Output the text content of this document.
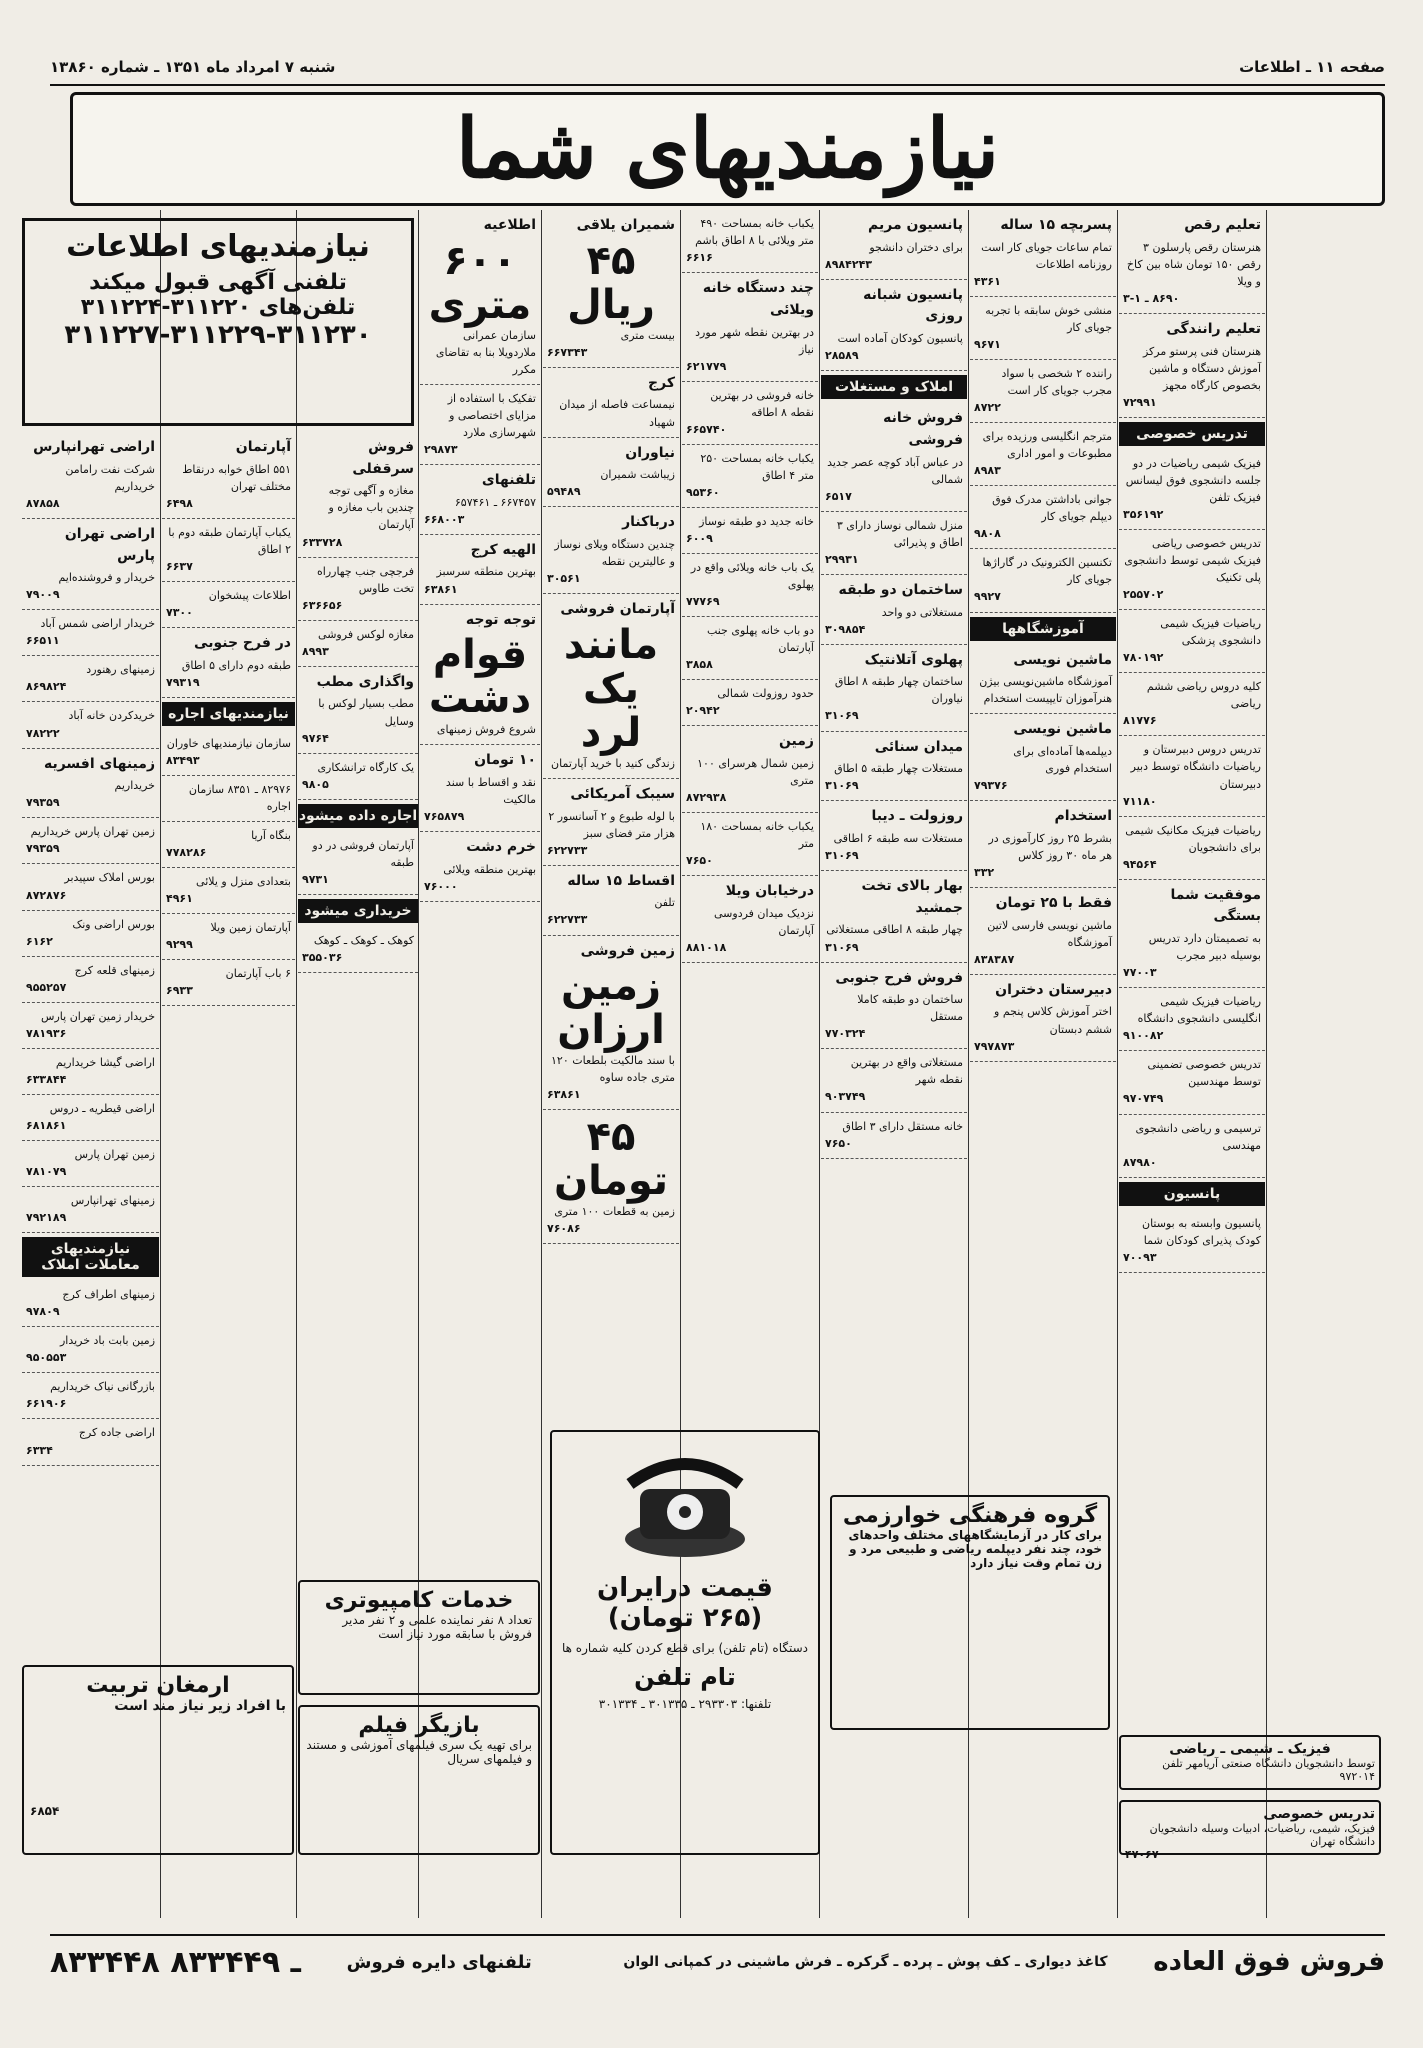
صفحه ۱۱ ـ اطلاعات
شنبه ۷ امرداد ماه ۱۳۵۱ ـ شماره ۱۳۸۶۰
نیازمندیهای شما
تعلیم رقص
هنرستان رقص پارسلون ۳ رقص ۱۵۰ تومان شاه بین کاخ و ویلا
۸۶۹۰ ـ ۱-۳
تعلیم رانندگی
هنرستان فنی پرستو مرکز آموزش دستگاه و ماشین بخصوص کارگاه مجهز
۷۲۹۹۱
تدریس خصوصی
فیزیک شیمی ریاضیات در دو جلسه دانشجوی فوق لیسانس فیزیک تلفن
۳۵۶۱۹۲
تدریس خصوصی ریاضی فیزیک شیمی توسط دانشجوی پلی تکنیک
۲۵۵۷۰۲
ریاضیات فیزیک شیمی دانشجوی پزشکی
۷۸۰۱۹۲
کلیه دروس ریاضی ششم ریاضی
۸۱۷۷۶
تدریس دروس دبیرستان و ریاضیات دانشگاه توسط دبیر دبیرستان
۷۱۱۸۰
ریاضیات فیزیک مکانیک شیمی برای دانشجویان
۹۴۵۶۴
موفقیت شما بستگی
به تصمیمتان دارد تدریس بوسیله دبیر مجرب
۷۷۰۰۳
ریاضیات فیزیک شیمی انگلیسی دانشجوی دانشگاه
۹۱۰۰۸۲
تدریس خصوصی تضمینی توسط مهندسین
۹۷۰۷۴۹
ترسیمی و ریاضی دانشجوی مهندسی
۸۷۹۸۰
پانسیون
پانسیون وابسته به بوستان کودک پذیرای کودکان شما
۷۰۰۹۳
پسربچه ۱۵ ساله
تمام ساعات جویای کار است روزنامه اطلاعات
۴۳۶۱
منشی خوش سابقه با تجربه جویای کار
۹۶۷۱
راننده ۲ شخصی با سواد مجرب جویای کار است
۸۷۲۲
مترجم انگلیسی ورزیده برای مطبوعات و امور اداری
۸۹۸۳
جوانی باداشتن مدرک فوق دیپلم جویای کار
۹۸۰۸
تکنسین الکترونیک در گاراژها جویای کار
۹۹۲۷
آموزشگاهها
ماشین نویسی
آموزشگاه ماشین‌نویسی بیژن هنرآموزان تایپیست استخدام
ماشین نویسی
دیپلمه‌ها آماده‌ای برای استخدام فوری
۷۹۳۷۶
استخدام
بشرط ۲۵ روز کارآموزی در هر ماه ۳۰ روز کلاس
۳۳۲
فقط با ۲۵ تومان
ماشین نویسی فارسی لاتین آموزشگاه
۸۳۸۳۸۷
دبیرستان دختران
اختر آموزش کلاس پنجم و ششم دبستان
۷۹۷۸۷۳
پانسیون مریم
برای دختران دانشجو
۸۹۸۴۲۴۳
پانسیون شبانه روزی
پانسیون کودکان آماده است
۲۸۵۸۹
املاک و مستغلات
فروش خانه فروشی
در عباس آباد کوچه عصر جدید شمالی
۶۵۱۷
منزل شمالی نوساز دارای ۳ اطاق و پذیرائی
۲۹۹۳۱
ساختمان دو طبقه
مستغلاتی دو واحد
۳۰۹۸۵۴
پهلوی آتلانتیک
ساختمان چهار طبقه ۸ اطاق نیاوران
۳۱۰۶۹
میدان سنائی
مستغلات چهار طبقه ۵ اطاق
۳۱۰۶۹
روزولت ـ دیبا
مستغلات سه طبقه ۶ اطاقی
۳۱۰۶۹
بهار بالای تخت جمشید
چهار طبقه ۸ اطاقی مستغلاتی
۳۱۰۶۹
فروش فرح جنوبی
ساختمان دو طبقه کاملا مستقل
۷۷۰۳۲۴
مستغلاتی واقع در بهترین نقطه شهر
۹۰۳۷۴۹
خانه مستقل دارای ۳ اطاق
۷۶۵۰
یکباب خانه بمساحت ۴۹۰ متر ویلائی با ۸ اطاق باشم
۶۶۱۶
چند دستگاه خانه ویلائی
در بهترین نقطه شهر مورد نیاز
۶۲۱۷۷۹
خانه فروشی در بهترین نقطه ۸ اطاقه
۶۶۵۷۴۰
یکباب خانه بمساحت ۲۵۰ متر ۴ اطاق
۹۵۳۶۰
خانه جدید دو طبقه نوساز
۶۰۰۹
یک باب خانه ویلائی واقع در پهلوی
۷۷۷۶۹
دو باب خانه پهلوی جنب آپارتمان
۳۸۵۸
حدود روزولت شمالی
۲۰۹۴۲
زمین
زمین شمال هرسرای ۱۰۰ متری
۸۷۲۹۳۸
یکباب خانه بمساحت ۱۸۰ متر
۷۶۵۰
درخیابان ویلا
نزدیک میدان فردوسی آپارتمان
۸۸۱۰۱۸
شمیران یلاقی
۴۵ ریال
بیست متری
۶۶۷۳۴۳
کرج
نیمساعت فاصله از میدان شهیاد
نیاوران
زیباشت شمیران
۵۹۴۸۹
درباکنار
چندین دستگاه ویلای نوساز و عالیترین نقطه
۳۰۵۶۱
آپارتمان فروشی
مانند یک لرد
زندگی کنید با خرید آپارتمان
سیبک آمریکائی
با لوله طبوع و ۲ آسانسور ۲ هزار متر فضای سبز
۶۲۲۷۳۳
اقساط ۱۵ ساله
تلفن
۶۲۲۷۳۳
زمین فروشی
زمین ارزان
با سند مالکیت بلطعات ۱۲۰ متری جاده ساوه
۶۳۸۶۱
۴۵ تومان
زمین به قطعات ۱۰۰ متری
۷۶۰۸۶
اطلاعیه
۶۰۰ متری
سازمان عمرانی ملاردویلا بنا به تقاضای مکرر
تفکیک با استفاده از مزایای اختصاصی و شهرسازی ملارد
۲۹۸۷۳
تلفنهای
۶۶۷۴۵۷ ـ ۶۵۷۴۶۱
۶۶۸۰۰۳
الهیه کرج
بهترین منطقه سرسبز
۶۳۸۶۱
توجه توجه
قوام دشت
شروع فروش زمینهای
۱۰ تومان
نقد و اقساط با سند مالکیت
۷۶۵۸۷۹
خرم دشت
بهترین منطقه ویلائی
۷۶۰۰۰
نیازمندیهای اطلاعات
تلفنی آگهی قبول میکند
تلفن‌های ۳۱۱۲۲۰-۳۱۱۲۲۴
۳۱۱۲۲۷-۳۱۱۲۲۹-۳۱۱۲۳۰
فروش سرقفلی
مغازه و آگهی توجه چندین باب مغازه و آپارتمان
۶۳۳۷۲۸
فرجچی جنب چهارراه تخت طاوس
۶۳۶۶۵۶
مغازه لوکس فروشی
۸۹۹۳
واگذاری مطب
مطب بسیار لوکس با وسایل
۹۷۶۴
یک کارگاه ترانشکاری
۹۸۰۵
اجاره داده میشود
آپارتمان فروشی در دو طبقه
۹۷۳۱
خریداری میشود
کوهک ـ کوهک ـ کوهک
۳۵۵۰۳۶
آپارتمان
۵۵۱ اطاق خوابه درنقاط مختلف تهران
۶۴۹۸
یکباب آپارتمان طبقه دوم با ۲ اطاق
۶۶۳۷
اطلاعات پیشخوان
۷۳۰۰
در فرح جنوبی
طبقه دوم دارای ۵ اطاق
۷۹۳۱۹
نیازمندیهای اجاره
سازمان نیازمندیهای خاوران
۸۳۴۹۳
۸۲۹۷۶ ـ ۸۳۵۱ سازمان اجاره
بنگاه آریا
۷۷۸۲۸۶
بتعدادی منزل و یلائی
۴۹۶۱
آپارتمان زمین ویلا
۹۲۹۹
۶ باب آپارتمان
۶۹۳۳
اراضی تهرانپارس
شرکت نفت رامامن خریداریم
۸۷۸۵۸
اراضی تهران پارس
خریدار و فروشنده‌ایم
۷۹۰۰۹
خریدار اراضی شمس آباد
۶۶۵۱۱
زمینهای رهنورد
۸۶۹۸۲۴
خریدکردن خانه آباد
۷۸۲۲۲
زمینهای افسریه
خریداریم
۷۹۳۵۹
زمین تهران پارس خریداریم
۷۹۳۵۹
بورس املاک سپیدبر
۸۷۲۸۷۶
بورس اراضی ونک
۶۱۶۲
زمینهای قلعه کرج
۹۵۵۲۵۷
خریدار زمین تهران پارس
۷۸۱۹۳۶
اراضی گیشا خریداریم
۶۳۳۸۴۴
اراضی قیطریه ـ دروس
۶۸۱۸۶۱
زمین تهران پارس
۷۸۱۰۷۹
زمینهای تهرانپارس
۷۹۲۱۸۹
نیازمندیهای معاملات املاک
زمینهای اطراف کرج
۹۷۸۰۹
زمین بابت باد خریدار
۹۵۰۵۵۳
بازرگانی نیاک خریداریم
۶۶۱۹۰۶
اراضی جاده کرج
۶۳۳۴
خدمات کامپیوتری
تعداد ۸ نفر نماینده علمی و ۲ نفر مدیر فروش با سابقه مورد نیاز است
بازیگر فیلم
برای تهیه یک سری فیلمهای آموزشی و مستند و فیلمهای سریال
ارمغان تربیت
با افراد زیر نیاز مند است
۶۸۵۴
قیمت درایران
(۲۶۵ تومان)
دستگاه (تام تلفن) برای قطع کردن کلیه شماره ها
تام تلفن
تلفنها: ۲۹۳۳۰۳ ـ ۳۰۱۳۳۵ ـ ۳۰۱۳۳۴
گروه فرهنگی خوارزمی
برای کار در آزمایشگاههای مختلف واحدهای خود، چند نفر دیپلمه ریاضی و طبیعی مرد و زن تمام وقت نیاز دارد
فیزیک ـ شیمی ـ ریاضی
توسط دانشجویان دانشگاه صنعتی آریامهر تلفن ۹۷۲۰۱۴
تدریس خصوصی
فیزیک، شیمی، ریاضیات، ادبیات وسیله دانشجویان دانشگاه تهران
۴۷۰۶۷
فروش فوق العاده
کاغذ دیواری ـ کف پوش ـ پرده ـ گرکره ـ فرش ماشینی در کمپانی الوان
تلفنهای دایره فروش
۸۳۳۴۴۸ ـ ۸۳۳۴۴۹
